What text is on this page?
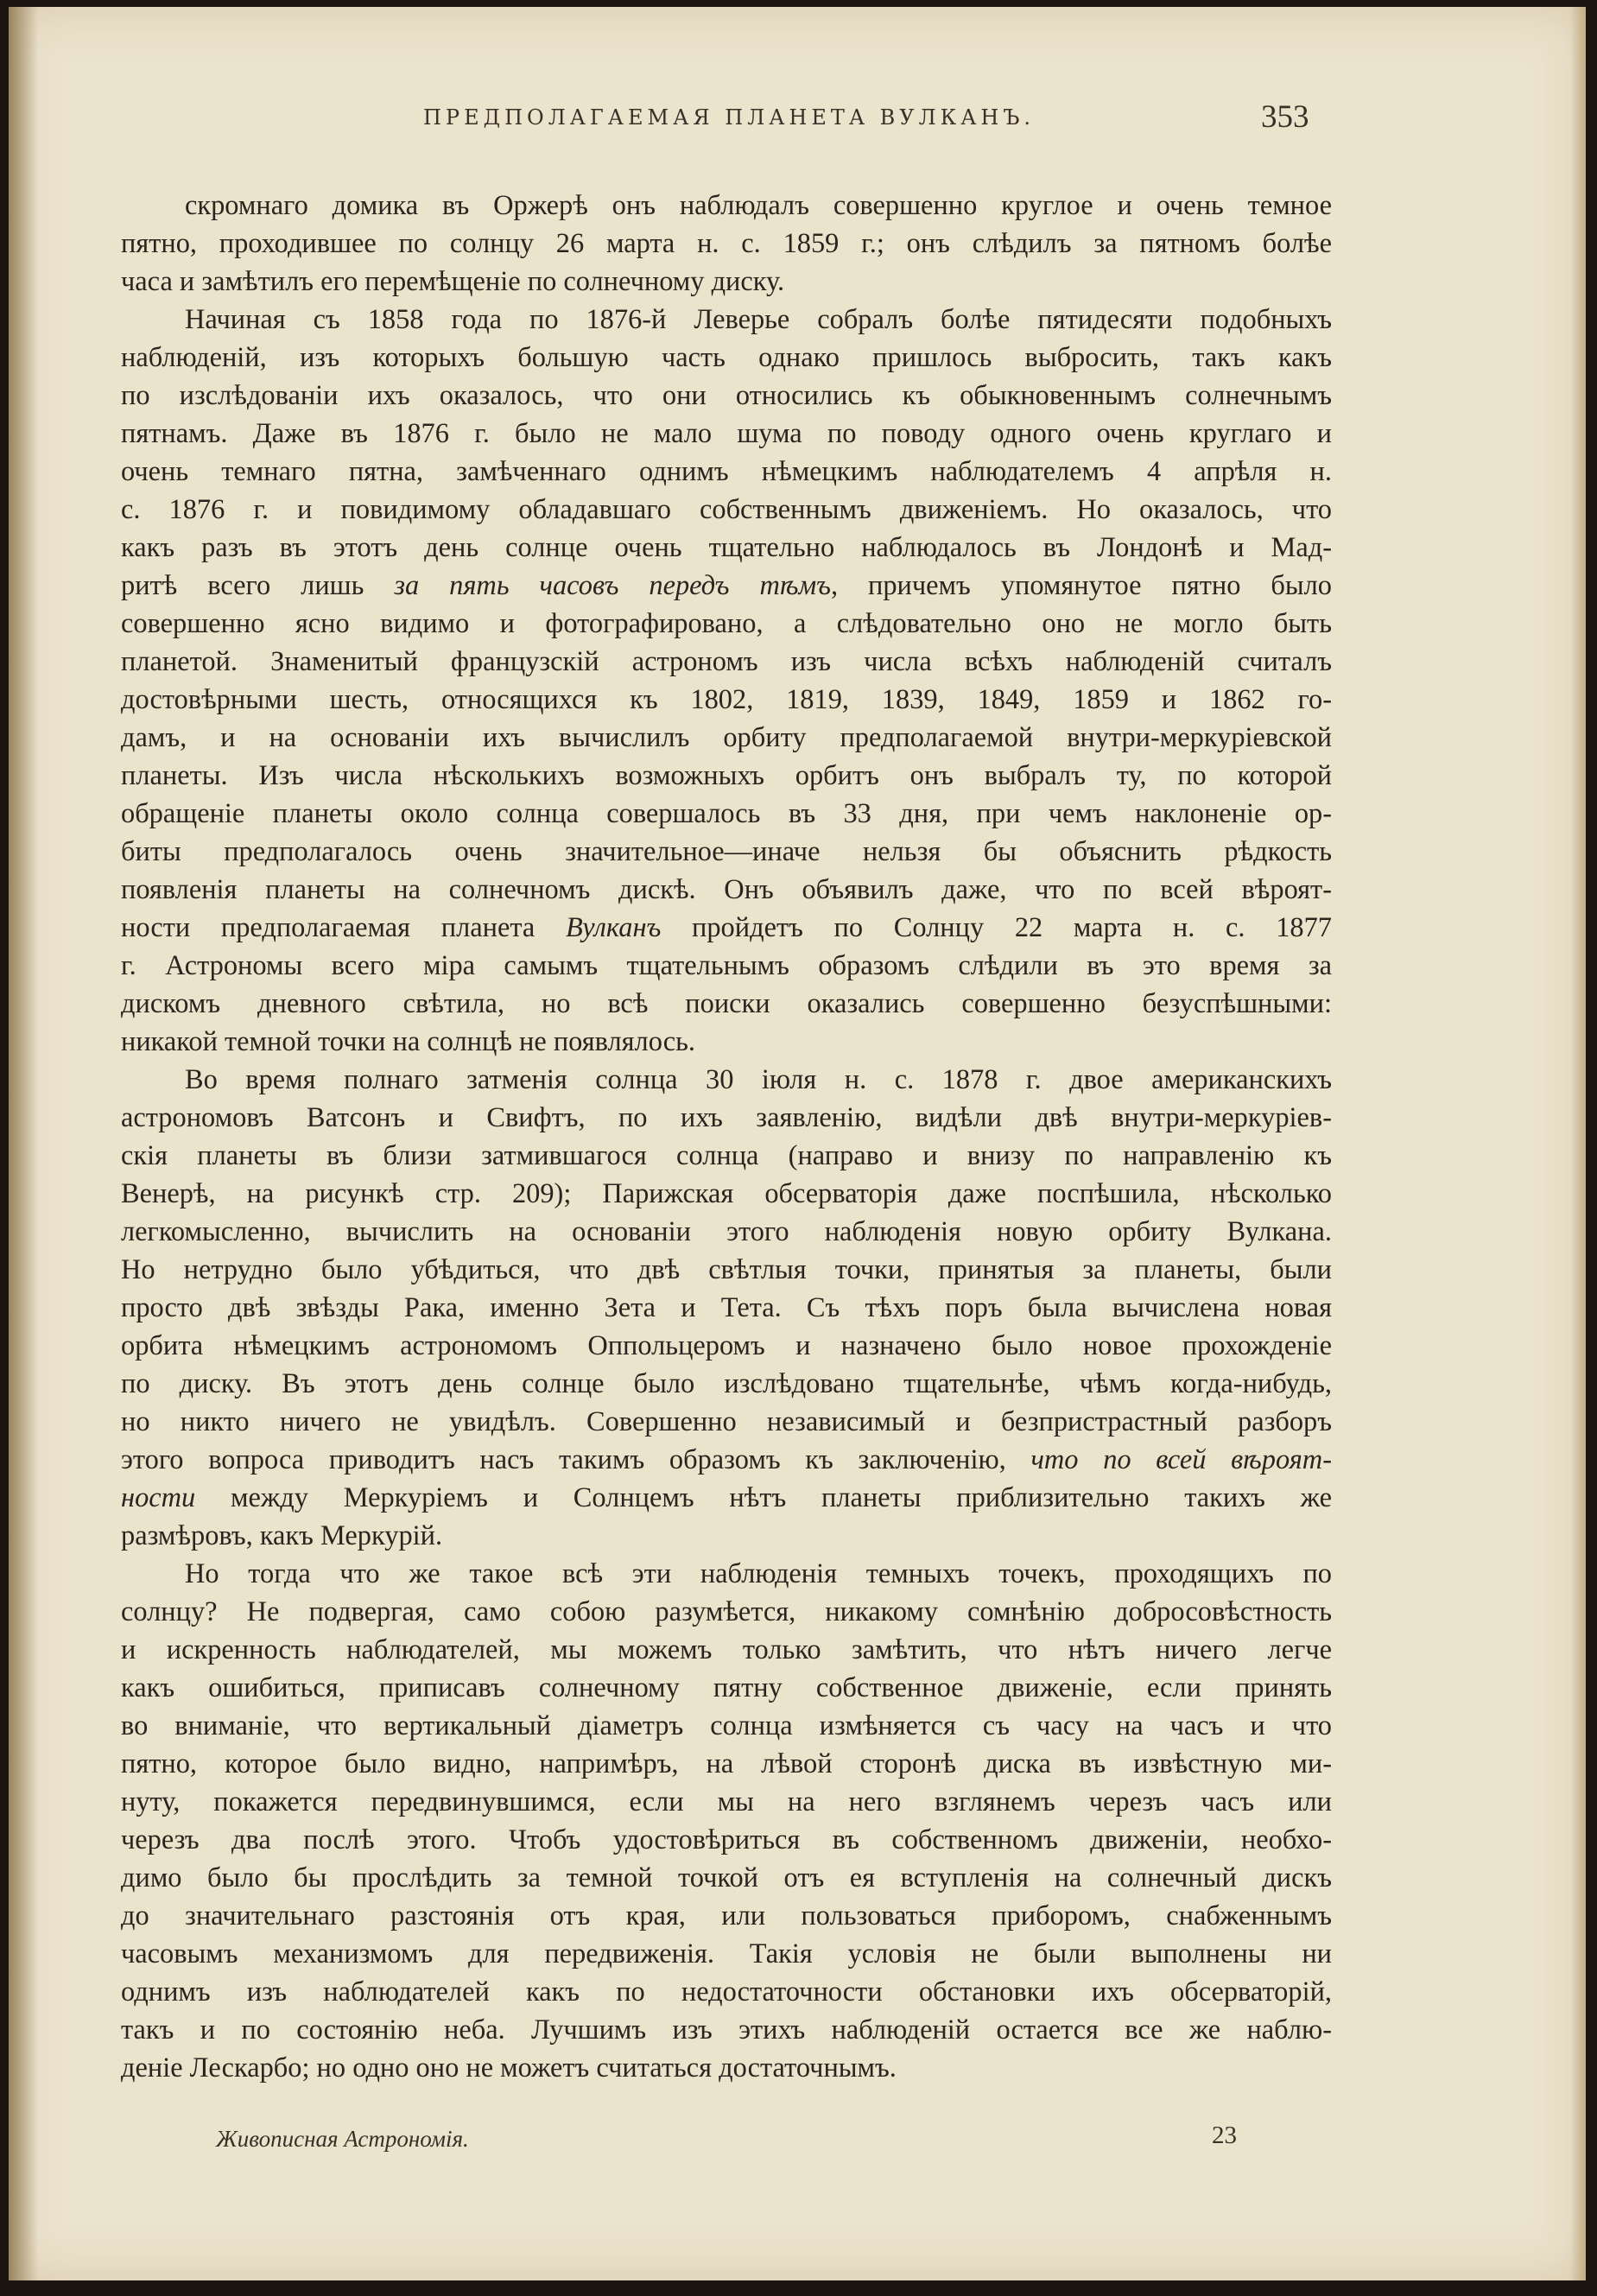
ПРЕДПОЛАГАЕМАЯ ПЛАНЕТА ВУЛКАНЪ.	353

скромнаго домика въ Оржерѣ онъ наблюдалъ совершенно круглое и очень темное
пятно, проходившее по солнцу 26 марта н. с. 1859 г.; онъ слѣдилъ за пятномъ болѣе
часа и замѣтилъ его перемѣщеніе по солнечному диску.

Начиная съ 1858 года по 1876-й Леверье собралъ болѣе пятидесяти подобныхъ
наблюденій, изъ которыхъ большую часть однако пришлось выбросить, такъ какъ
по изслѣдованіи ихъ оказалось, что они относились къ обыкновеннымъ солнечнымъ
пятнамъ. Даже въ 1876 г. было не мало шума по поводу одного очень круглаго и
очень темнаго пятна, замѣченнаго однимъ нѣмецкимъ наблюдателемъ 4 апрѣля н.
с. 1876 г. и повидимому обладавшаго собственнымъ движеніемъ. Но оказалось, что
какъ разъ въ этотъ день солнце очень тщательно наблюдалось въ Лондонѣ и Мад-
ритѣ всего лишь за пять часовъ передъ тѣмъ, причемъ упомянутое пятно было
совершенно ясно видимо и фотографировано, а слѣдовательно оно не могло быть
планетой. Знаменитый французскій астрономъ изъ числа всѣхъ наблюденій считалъ
достовѣрными шесть, относящихся къ 1802, 1819, 1839, 1849, 1859 и 1862 го-
дамъ, и на основаніи ихъ вычислилъ орбиту предполагаемой внутри-меркуріевской
планеты. Изъ числа нѣсколькихъ возможныхъ орбитъ онъ выбралъ ту, по которой
обращеніе планеты около солнца совершалось въ 33 дня, при чемъ наклоненіе ор-
биты предполагалось очень значительное—иначе нельзя бы объяснить рѣдкость
появленія планеты на солнечномъ дискѣ. Онъ объявилъ даже, что по всей вѣроят-
ности предполагаемая планета Вулканъ пройдетъ по Солнцу 22 марта н. с. 1877
г. Астрономы всего міра самымъ тщательнымъ образомъ слѣдили въ это время за
дискомъ дневного свѣтила, но всѣ поиски оказались совершенно безуспѣшными:
никакой темной точки на солнцѣ не появлялось.

Во время полнаго затменія солнца 30 іюля н. с. 1878 г. двое американскихъ
астрономовъ Ватсонъ и Свифтъ, по ихъ заявленію, видѣли двѣ внутри-меркуріев-
скія планеты въ близи затмившагося солнца (направо и внизу по направленію къ
Венерѣ, на рисункѣ стр. 209); Парижская обсерваторія даже поспѣшила, нѣсколько
легкомысленно, вычислить на основаніи этого наблюденія новую орбиту Вулкана.
Но нетрудно было убѣдиться, что двѣ свѣтлыя точки, принятыя за планеты, были
просто двѣ звѣзды Рака, именно Зета и Тета. Съ тѣхъ поръ была вычислена новая
орбита нѣмецкимъ астрономомъ Оппольцеромъ и назначено было новое прохожденіе
по диску. Въ этотъ день солнце было изслѣдовано тщательнѣе, чѣмъ когда-нибудь,
но никто ничего не увидѣлъ. Совершенно независимый и безпристрастный разборъ
этого вопроса приводитъ насъ такимъ образомъ къ заключенію, что по всей вѣроят-
ности между Меркуріемъ и Солнцемъ нѣтъ планеты приблизительно такихъ же
размѣровъ, какъ Меркурій.

Но тогда что же такое всѣ эти наблюденія темныхъ точекъ, проходящихъ по
солнцу? Не подвергая, само собою разумѣется, никакому сомнѣнію добросовѣстность
и искренность наблюдателей, мы можемъ только замѣтить, что нѣтъ ничего легче
какъ ошибиться, приписавъ солнечному пятну собственное движеніе, если принять
во вниманіе, что вертикальный діаметръ солнца измѣняется съ часу на часъ и что
пятно, которое было видно, напримѣръ, на лѣвой сторонѣ диска въ извѣстную ми-
нуту, покажется передвинувшимся, если мы на него взглянемъ черезъ часъ или
черезъ два послѣ этого. Чтобъ удостовѣриться въ собственномъ движеніи, необхо-
димо было бы прослѣдить за темной точкой отъ ея вступленія на солнечный дискъ
до значительнаго разстоянія отъ края, или пользоваться приборомъ, снабженнымъ
часовымъ механизмомъ для передвиженія. Такія условія не были выполнены ни
однимъ изъ наблюдателей какъ по недостаточности обстановки ихъ обсерваторій,
такъ и по состоянію неба. Лучшимъ изъ этихъ наблюденій остается все же наблю-
деніе Лескарбо; но одно оно не можетъ считаться достаточнымъ.

Живописная Астрономія.	23
